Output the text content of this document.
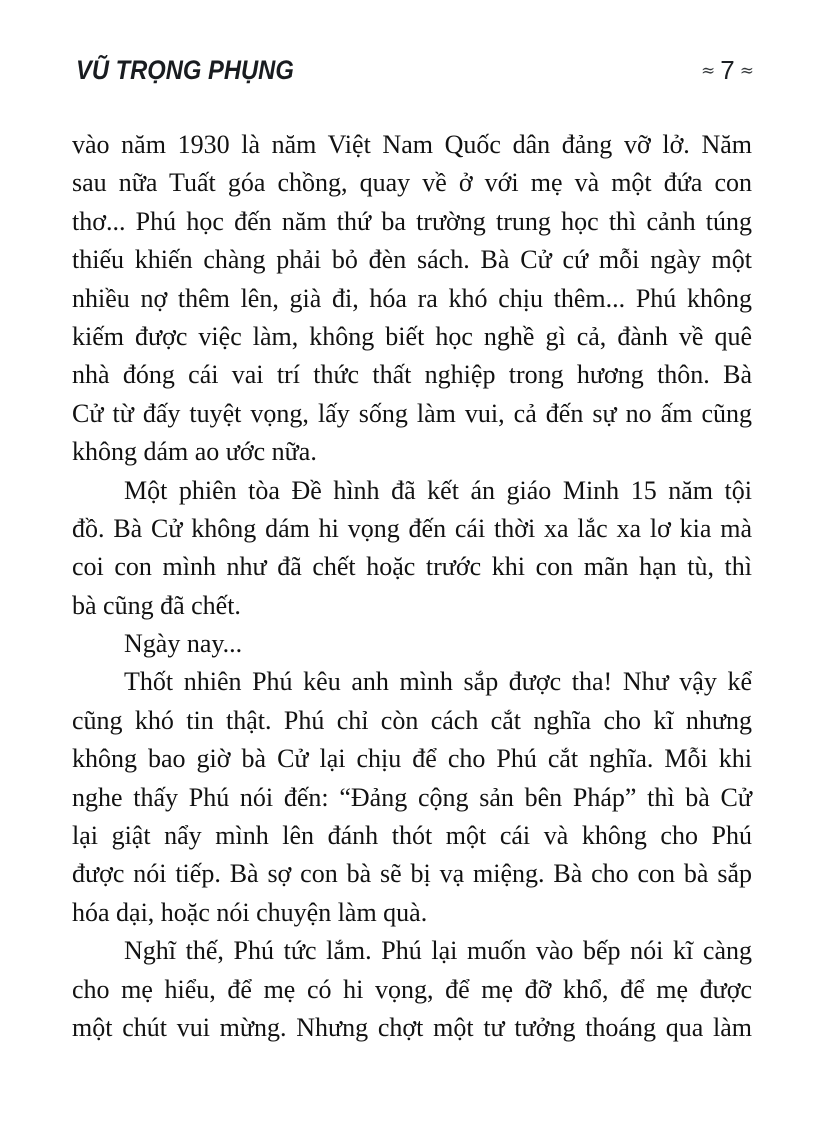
VŨ TRỌNG PHỤNG	≈ 7 ≈
vào năm 1930 là năm Việt Nam Quốc dân đảng vỡ lở. Năm
sau nữa Tuất góa chồng, quay về ở với mẹ và một đứa con
thơ... Phú học đến năm thứ ba trường trung học thì cảnh túng
thiếu khiến chàng phải bỏ đèn sách. Bà Cử cứ mỗi ngày một
nhiều nợ thêm lên, già đi, hóa ra khó chịu thêm... Phú không
kiếm được việc làm, không biết học nghề gì cả, đành về quê
nhà đóng cái vai trí thức thất nghiệp trong hương thôn. Bà
Cử từ đấy tuyệt vọng, lấy sống làm vui, cả đến sự no ấm cũng
không dám ao ước nữa.
Một phiên tòa Đề hình đã kết án giáo Minh 15 năm tội
đồ. Bà Cử không dám hi vọng đến cái thời xa lắc xa lơ kia mà
coi con mình như đã chết hoặc trước khi con mãn hạn tù, thì
bà cũng đã chết.
Ngày nay...
Thốt nhiên Phú kêu anh mình sắp được tha! Như vậy kể
cũng khó tin thật. Phú chỉ còn cách cắt nghĩa cho kĩ nhưng
không bao giờ bà Cử lại chịu để cho Phú cắt nghĩa. Mỗi khi
nghe thấy Phú nói đến: “Đảng cộng sản bên Pháp” thì bà Cử
lại giật nẩy mình lên đánh thót một cái và không cho Phú
được nói tiếp. Bà sợ con bà sẽ bị vạ miệng. Bà cho con bà sắp
hóa dại, hoặc nói chuyện làm quà.
Nghĩ thế, Phú tức lắm. Phú lại muốn vào bếp nói kĩ càng
cho mẹ hiểu, để mẹ có hi vọng, để mẹ đỡ khổ, để mẹ được
một chút vui mừng. Nhưng chợt một tư tưởng thoáng qua làm
